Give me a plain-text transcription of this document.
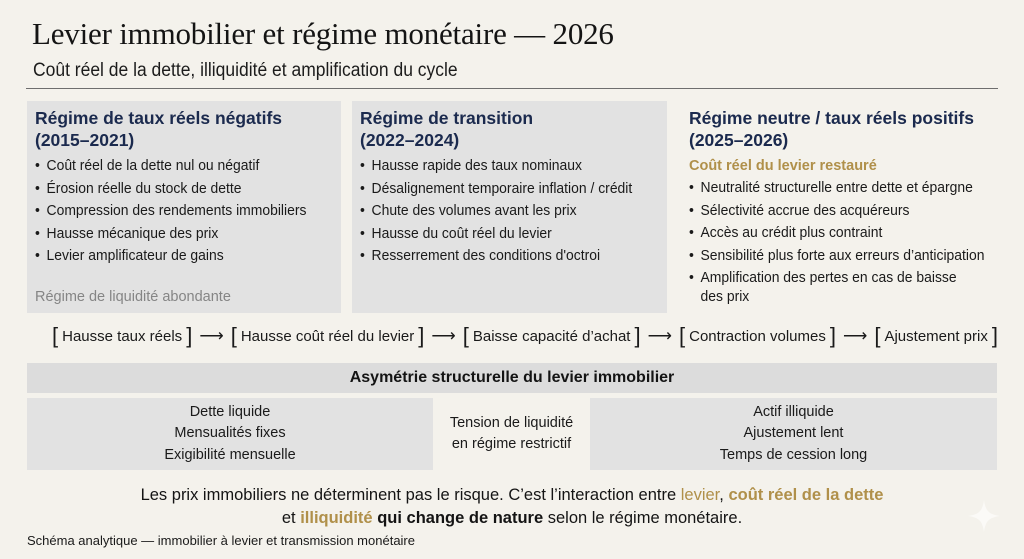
Levier immobilier et régime monétaire — 2026
Coût réel de la dette, illiquidité et amplification du cycle
Régime de taux réels négatifs
(2015–2021)
• Coût réel de la dette nul ou négatif
• Érosion réelle du stock de dette
• Compression des rendements immobiliers
• Hausse mécanique des prix
• Levier amplificateur de gains
Régime de liquidité abondante
Régime de transition
(2022–2024)
• Hausse rapide des taux nominaux
• Désalignement temporaire inflation / crédit
• Chute des volumes avant les prix
• Hausse du coût réel du levier
• Resserrement des conditions d'octroi
Régime neutre / taux réels positifs
(2025–2026)
Coût réel du levier restauré
• Neutralité structurelle entre dette et épargne
• Sélectivité accrue des acquéreurs
• Accès au crédit plus contraint
• Sensibilité plus forte aux erreurs d’anticipation
• Amplification des pertes en cas de baisse des prix
[ Hausse taux réels ] ⟶ [ Hausse coût réel du levier ] ⟶ [ Baisse capacité d’achat ] ⟶ [ Contraction volumes ] ⟶ [ Ajustement prix ]
Asymétrie structurelle du levier immobilier
Dette liquide
Mensualités fixes
Exigibilité mensuelle
Tension de liquidité
en régime restrictif
Actif illiquide
Ajustement lent
Temps de cession long
Les prix immobiliers ne déterminent pas le risque. C’est l’interaction entre levier, coût réel de la dette
et illiquidité qui change de nature selon le régime monétaire.
Schéma analytique — immobilier à levier et transmission monétaire
